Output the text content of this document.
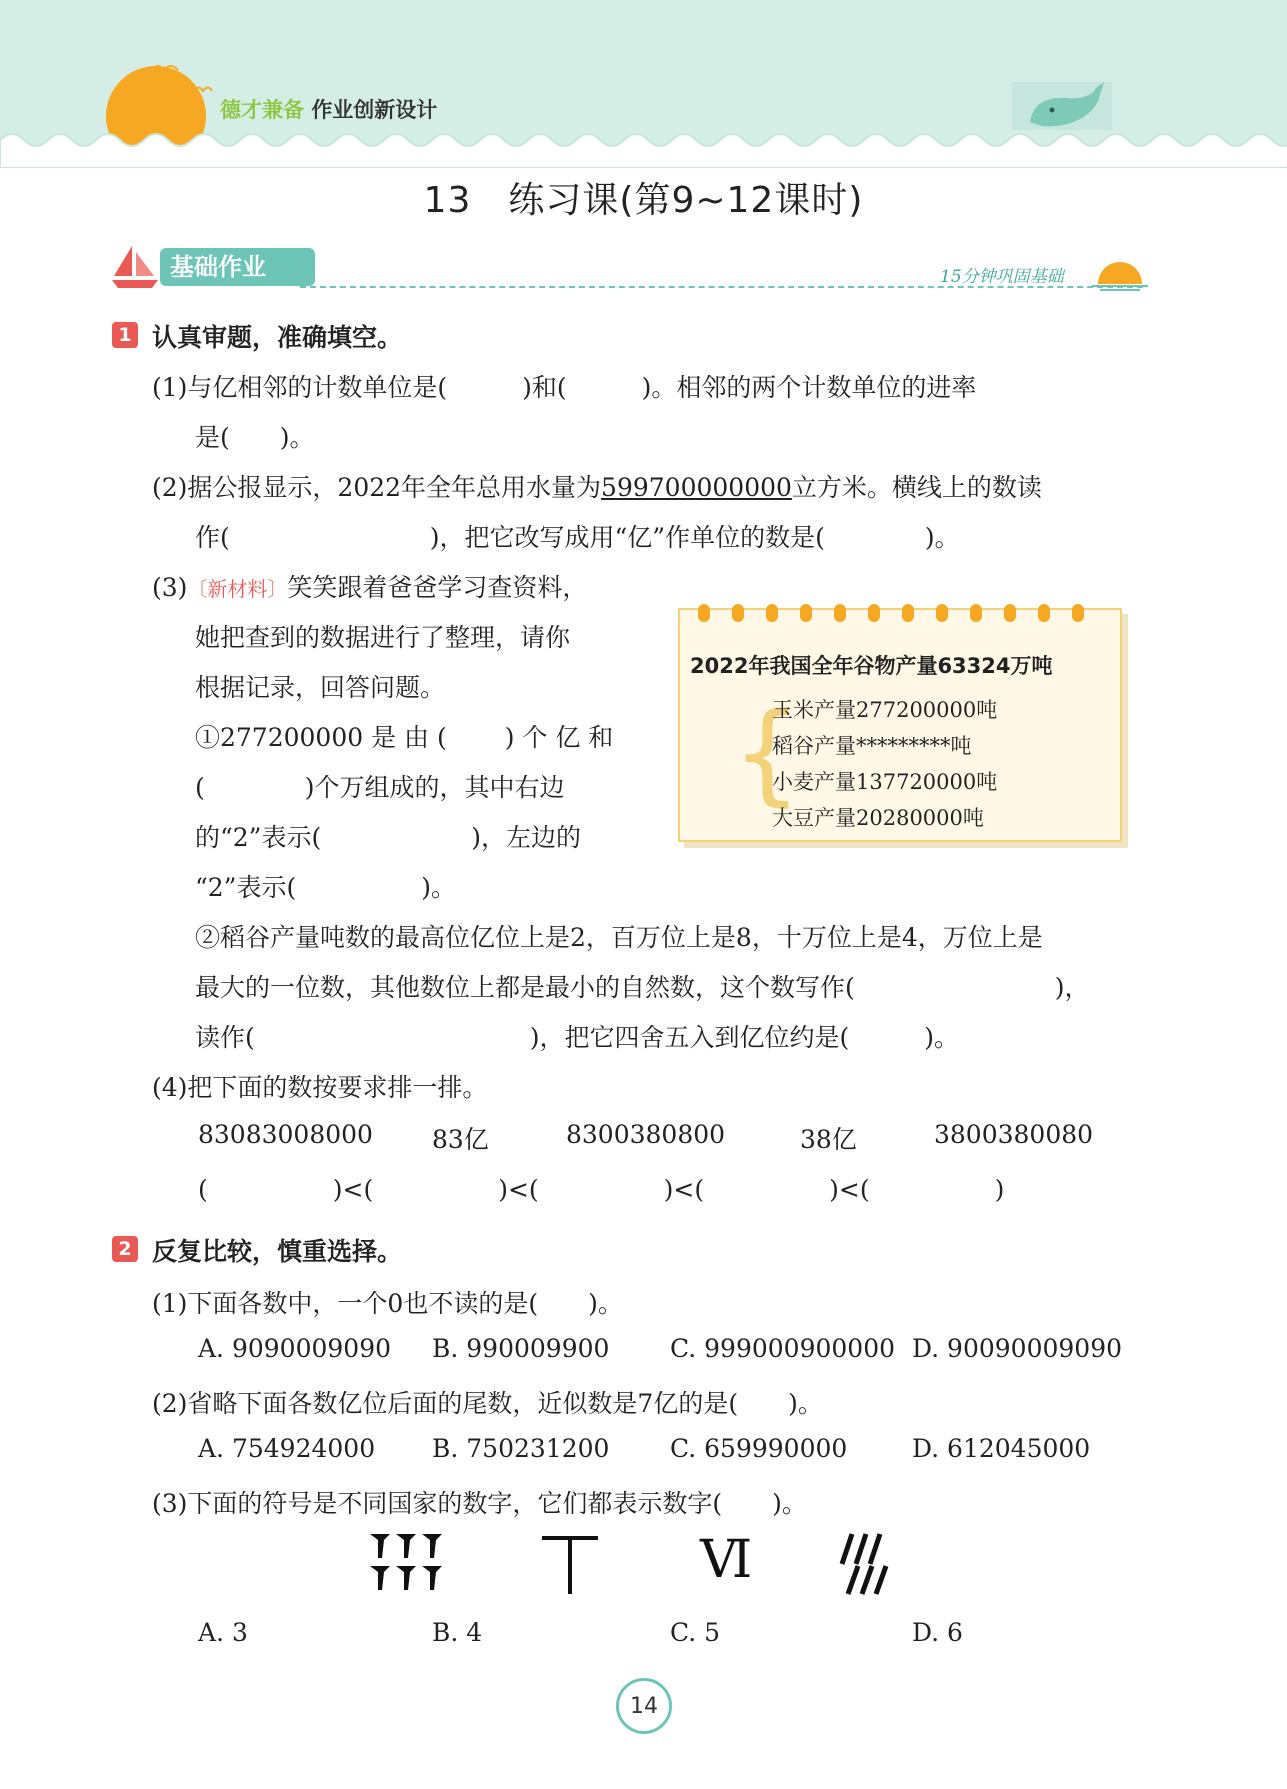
德才兼备 作业创新设计
13　练习课(第9~12课时)
基础作业	15分钟巩固基础
1 认真审题，准确填空。
(1)与亿相邻的计数单位是(　　　)和(　　　)。相邻的两个计数单位的进率
是(　　)。
(2)据公报显示，2022年全年总用水量为599700000000立方米。横线上的数读
作(　　　　　　　　)，把它改写成用“亿”作单位的数是(　　　　)。
(3)〔新材料〕笑笑跟着爸爸学习查资料，
她把查到的数据进行了整理，请你
根据记录，回答问题。
①277200000 是 由 (　　 ) 个 亿 和
(　　　　)个万组成的，其中右边
的“2”表示(　　　　　　)，左边的
“2”表示(　　　　　)。
2022年我国全年谷物产量63324万吨
{
玉米产量277200000吨
稻谷产量*********吨
小麦产量137720000吨
大豆产量20280000吨
②稻谷产量吨数的最高位亿位上是2，百万位上是8，十万位上是4，万位上是
最大的一位数，其他数位上都是最小的自然数，这个数写作(　　　　　　　　)，
读作(　　　　　　　　　　　)，把它四舍五入到亿位约是(　　　)。
(4)把下面的数按要求排一排。
83083008000 83亿	8300380800	38亿	3800380080
(　　　　　)<(　　　　　)<(　　　　　)<(　　　　　)<(　　　　　)
2 反复比较，慎重选择。
(1)下面各数中，一个0也不读的是(　　)。
A. 9090009090 B. 990009900 C. 999000900000 D. 90090009090
(2)省略下面各数亿位后面的尾数，近似数是7亿的是(　　)。
A. 754924000 B. 750231200 C. 659990000	D. 612045000
(3)下面的符号是不同国家的数字，它们都表示数字(　　)。
Ⅵ
A. 3	B. 4	C. 5	D. 6
14
